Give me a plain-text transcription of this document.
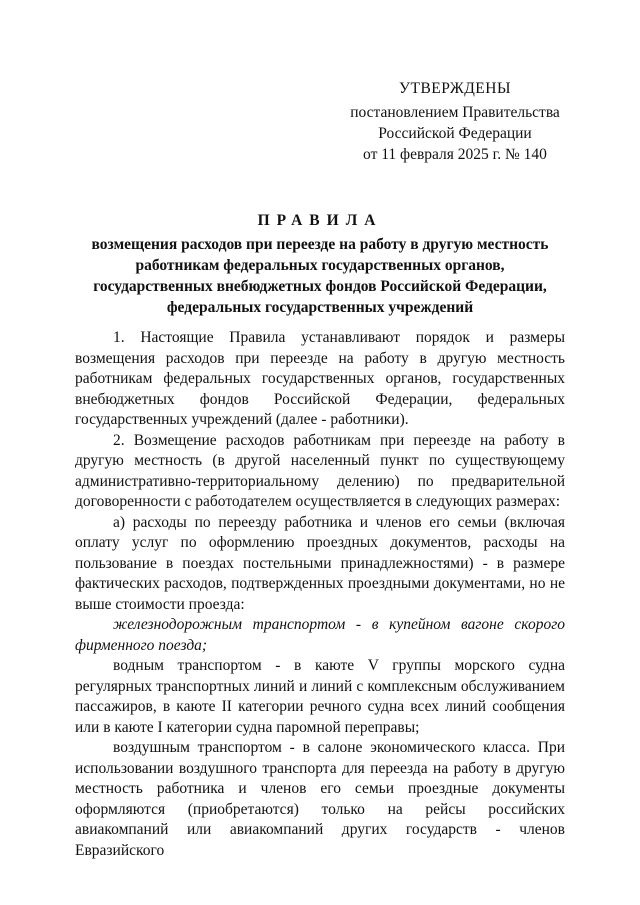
УТВЕРЖДЕНЫ
постановлением Правительства
Российской Федерации
от 11 февраля 2025 г. № 140
ПРАВИЛА
возмещения расходов при переезде на работу в другую местность
работникам федеральных государственных органов,
государственных внебюджетных фондов Российской Федерации,
федеральных государственных учреждений

1. Настоящие Правила устанавливают порядок и размеры возмещения расходов при переезде на работу в другую местность работникам федеральных государственных органов, государственных внебюджетных фондов Российской Федерации, федеральных государственных учреждений (далее - работники).

2. Возмещение расходов работникам при переезде на работу в другую местность (в другой населенный пункт по существующему административно-территориальному делению) по предварительной договоренности с работодателем осуществляется в следующих размерах:

а) расходы по переезду работника и членов его семьи (включая оплату услуг по оформлению проездных документов, расходы на пользование в поездах постельными принадлежностями) - в размере фактических расходов, подтвержденных проездными документами, но не выше стоимости проезда:

железнодорожным транспортом - в купейном вагоне скорого фирменного поезда;

водным транспортом - в каюте V группы морского судна регулярных транспортных линий и линий с комплексным обслуживанием пассажиров, в каюте II категории речного судна всех линий сообщения или в каюте I категории судна паромной переправы;

воздушным транспортом - в салоне экономического класса. При использовании воздушного транспорта для переезда на работу в другую местность работника и членов его семьи проездные документы оформляются (приобретаются) только на рейсы российских авиакомпаний или авиакомпаний других государств - членов Евразийского
